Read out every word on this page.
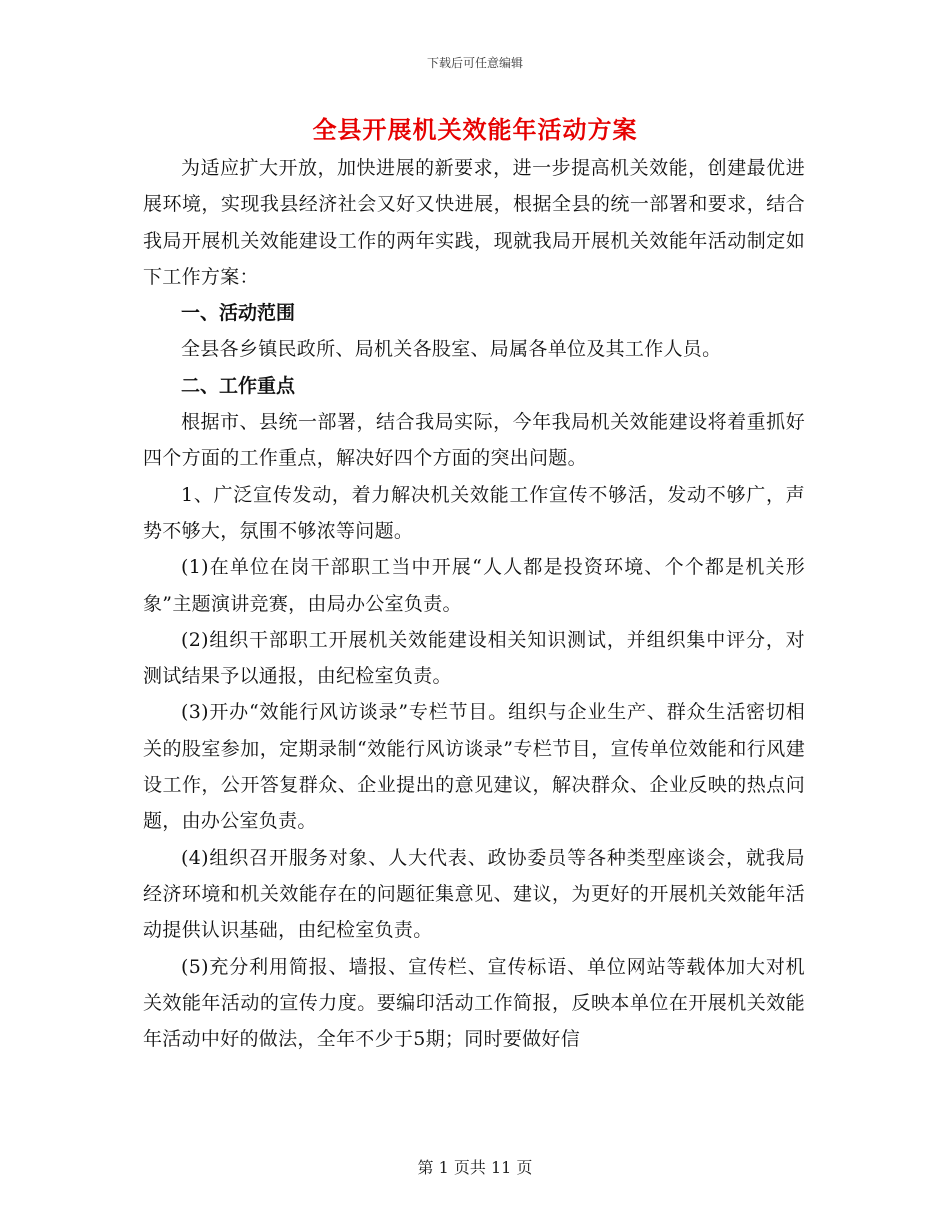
下载后可任意编辑
全县开展机关效能年活动方案

为适应扩大开放，加快进展的新要求，进一步提高机关效能，创建最优进展环境，实现我县经济社会又好又快进展，根据全县的统一部署和要求，结合我局开展机关效能建设工作的两年实践，现就我局开展机关效能年活动制定如下工作方案：

一、活动范围

全县各乡镇民政所、局机关各股室、局属各单位及其工作人员。

二、工作重点

根据市、县统一部署，结合我局实际，今年我局机关效能建设将着重抓好四个方面的工作重点，解决好四个方面的突出问题。

1、广泛宣传发动，着力解决机关效能工作宣传不够活，发动不够广，声势不够大，氛围不够浓等问题。

(1)在单位在岗干部职工当中开展“人人都是投资环境、个个都是机关形象”主题演讲竞赛，由局办公室负责。

(2)组织干部职工开展机关效能建设相关知识测试，并组织集中评分，对测试结果予以通报，由纪检室负责。

(3)开办“效能行风访谈录”专栏节目。组织与企业生产、群众生活密切相关的股室参加，定期录制“效能行风访谈录”专栏节目，宣传单位效能和行风建设工作，公开答复群众、企业提出的意见建议，解决群众、企业反映的热点问题，由办公室负责。

(4)组织召开服务对象、人大代表、政协委员等各种类型座谈会，就我局经济环境和机关效能存在的问题征集意见、建议，为更好的开展机关效能年活动提供认识基础，由纪检室负责。

(5)充分利用简报、墙报、宣传栏、宣传标语、单位网站等载体加大对机关效能年活动的宣传力度。要编印活动工作简报，反映本单位在开展机关效能年活动中好的做法，全年不少于5期；同时要做好信

第 1 页共 11 页
